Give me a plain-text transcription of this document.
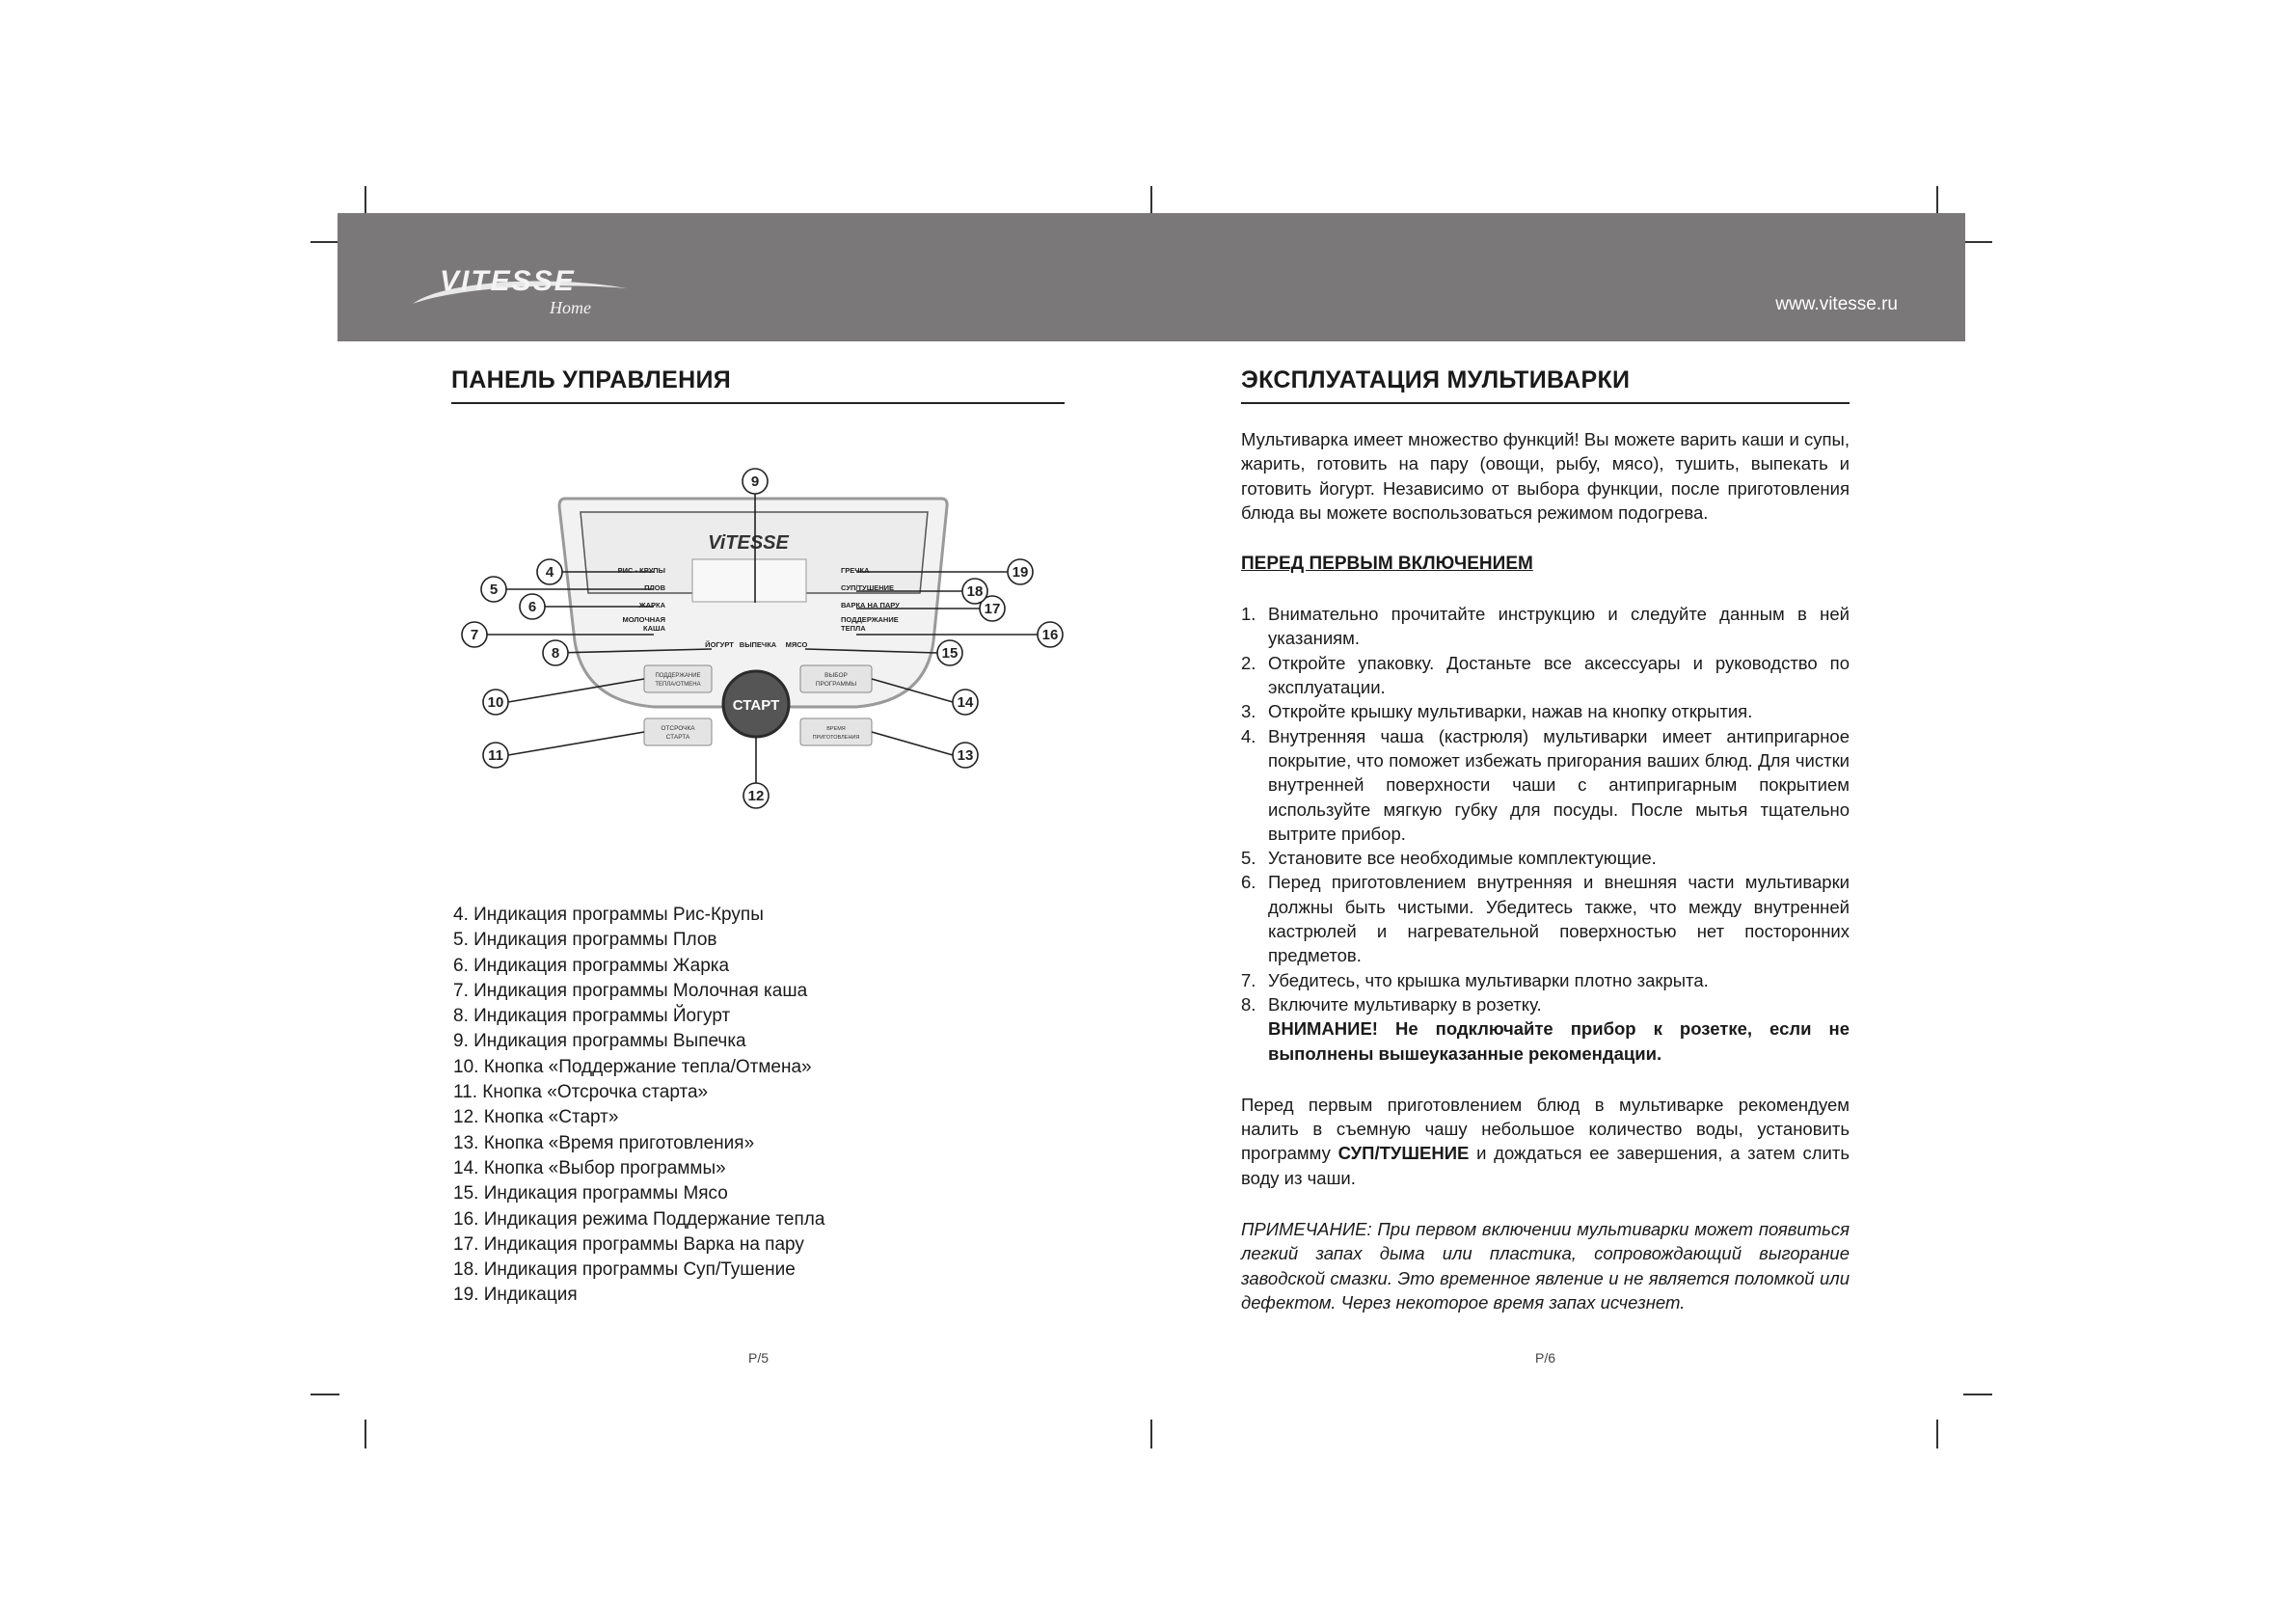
VITESSE
Home	www.vitesse.ru
ПАНЕЛЬ УПРАВЛЕНИЯ
ViTESSE
РИС - КРУПЫ
ПЛОВ
ЖАРКА
МОЛОЧНАЯ
КАША
ГРЕЧКА
СУП/ТУШЕНИЕ
ВАРКА НА ПАРУ
ПОДДЕРЖАНИЕ
ТЕПЛА
ЙОГУРТ ВЫПЕЧКА МЯСО
ПОДДЕРЖАНИЕ
ТЕПЛА/ОТМЕНА
ОТСРОЧКА
СТАРТА
ВЫБОР
ПРОГРАММЫ
ВРЕМЯ
ПРИГОТОВЛЕНИЯ
СТАРТ
4
5
6
7
8
9
10
11
12
13
14
15
16
17
18
19
4. Индикация программы Рис-Крупы
5. Индикация программы Плов
6. Индикация программы Жарка
7. Индикация программы Молочная каша
8. Индикация программы Йогурт
9. Индикация программы Выпечка
10. Кнопка «Поддержание тепла/Отмена»
11. Кнопка «Отсрочка старта»
12. Кнопка «Старт»
13. Кнопка «Время приготовления»
14. Кнопка «Выбор программы»
15. Индикация программы Мясо
16. Индикация режима Поддержание тепла
17. Индикация программы Варка на пару
18. Индикация программы Суп/Тушение
19. Индикация
P/5
ЭКСПЛУАТАЦИЯ МУЛЬТИВАРКИ

Мультиварка имеет множество функций! Вы можете варить каши и супы, жарить, готовить на пару (овощи, рыбу, мясо), тушить, выпекать и готовить йогурт. Независимо от выбора функции, после приготовления блюда вы можете воспользоваться режимом подогрева.

ПЕРЕД ПЕРВЫМ ВКЛЮЧЕНИЕМ
1. Внимательно прочитайте инструкцию и следуйте данным в ней указаниям.
2. Откройте упаковку. Достаньте все аксессуары и руководство по эксплуатации.
3. Откройте крышку мультиварки, нажав на кнопку открытия.
4. Внутренняя чаша (кастрюля) мультиварки имеет антипригарное покрытие, что поможет избежать пригорания ваших блюд. Для чистки внутренней поверхности чаши с антипригарным покрытием используйте мягкую губку для посуды. После мытья тщательно вытрите прибор.
5. Установите все необходимые комплектующие.
6. Перед приготовлением внутренняя и внешняя части мультиварки должны быть чистыми. Убедитесь также, что между внутренней кастрюлей и нагревательной поверхностью нет посторонних предметов.
7. Убедитесь, что крышка мультиварки плотно закрыта.
8. Включите мультиварку в розетку.
ВНИМАНИЕ! Не подключайте прибор к розетке, если не выполнены вышеуказанные рекомендации.

Перед первым приготовлением блюд в мультиварке рекомендуем налить в съемную чашу небольшое количество воды, установить программу СУП/ТУШЕНИЕ и дождаться ее завершения, а затем слить воду из чаши.

ПРИМЕЧАНИЕ: При первом включении мультиварки может появиться легкий запах дыма или пластика, сопровождающий выгорание заводской смазки. Это временное явление и не является поломкой или дефектом. Через некоторое время запах исчезнет.

P/6
